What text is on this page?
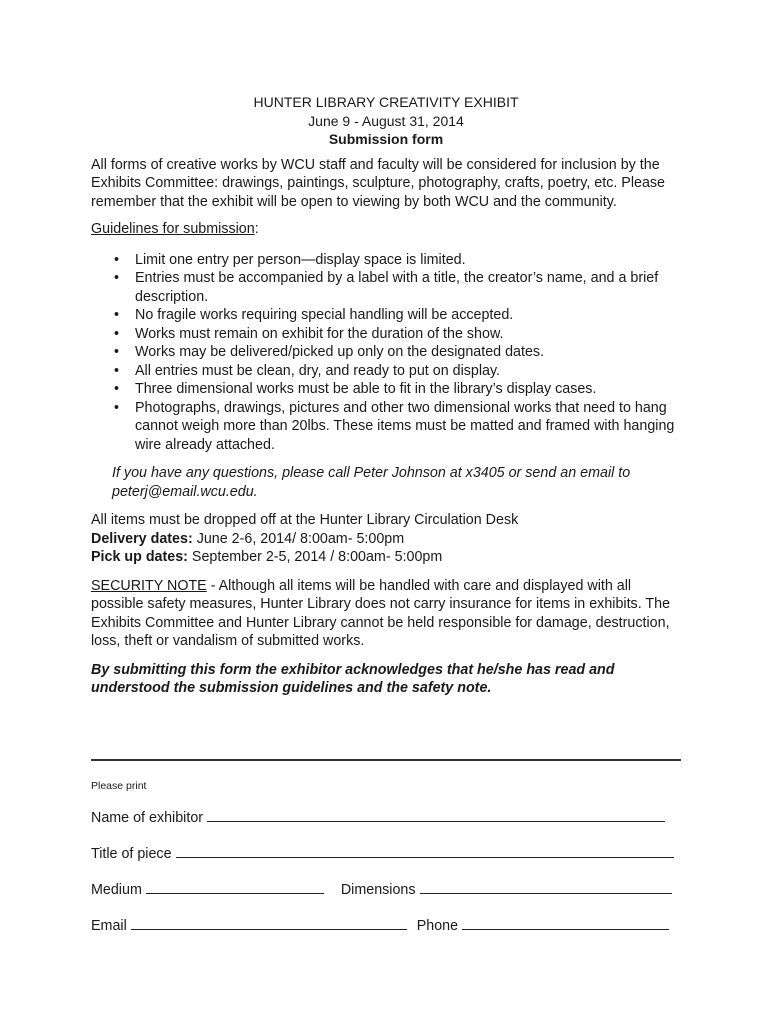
HUNTER LIBRARY CREATIVITY EXHIBIT
June 9 - August 31, 2014
Submission form

All forms of creative works by WCU staff and faculty will be considered for inclusion by the Exhibits Committee: drawings, paintings, sculpture, photography, crafts, poetry, etc. Please remember that the exhibit will be open to viewing by both WCU and the community.

Guidelines for submission:

• Limit one entry per person—display space is limited.
• Entries must be accompanied by a label with a title, the creator’s name, and a brief description.
• No fragile works requiring special handling will be accepted.
• Works must remain on exhibit for the duration of the show.
• Works may be delivered/picked up only on the designated dates.
• All entries must be clean, dry, and ready to put on display.
• Three dimensional works must be able to fit in the library’s display cases.
• Photographs, drawings, pictures and other two dimensional works that need to hang cannot weigh more than 20lbs. These items must be matted and framed with hanging wire already attached.

If you have any questions, please call Peter Johnson at x3405 or send an email to peterj@email.wcu.edu.

All items must be dropped off at the Hunter Library Circulation Desk
Delivery dates: June 2-6, 2014/ 8:00am- 5:00pm
Pick up dates: September 2-5, 2014 / 8:00am- 5:00pm

SECURITY NOTE - Although all items will be handled with care and displayed with all possible safety measures, Hunter Library does not carry insurance for items in exhibits. The Exhibits Committee and Hunter Library cannot be held responsible for damage, destruction, loss, theft or vandalism of submitted works.

By submitting this form the exhibitor acknowledges that he/she has read and understood the submission guidelines and the safety note.

Please print
Name of exhibitor
Title of piece
Medium	Dimensions
Email	Phone
